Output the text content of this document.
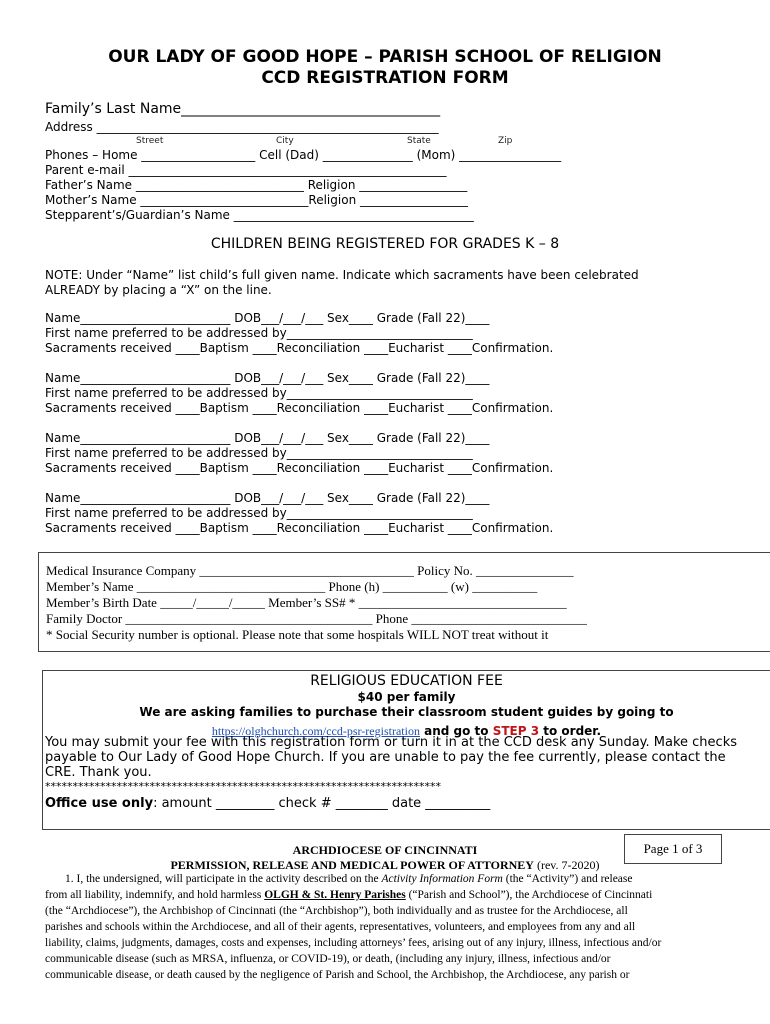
OUR LADY OF GOOD HOPE – PARISH SCHOOL OF RELIGION
CCD REGISTRATION FORM
Family’s Last Name_____________________________________
Address _________________________________________________________
Street	City	State	Zip
Phones – Home ___________________ Cell (Dad) _______________ (Mom) _________________
Parent e-mail _____________________________________________________
Father’s Name ____________________________ Religion __________________
Mother’s Name ____________________________Religion __________________
Stepparent’s/Guardian’s Name ________________________________________
CHILDREN BEING REGISTERED FOR GRADES K – 8
NOTE: Under “Name” list child’s full given name. Indicate which sacraments have been celebrated
ALREADY by placing a “X” on the line.
Name_________________________ DOB___/___/___ Sex____ Grade (Fall 22)____
First name preferred to be addressed by_______________________________
Sacraments received ____Baptism ____Reconciliation ____Eucharist ____Confirmation.
Name_________________________ DOB___/___/___ Sex____ Grade (Fall 22)____
First name preferred to be addressed by_______________________________
Sacraments received ____Baptism ____Reconciliation ____Eucharist ____Confirmation.
Name_________________________ DOB___/___/___ Sex____ Grade (Fall 22)____
First name preferred to be addressed by_______________________________
Sacraments received ____Baptism ____Reconciliation ____Eucharist ____Confirmation.
Name_________________________ DOB___/___/___ Sex____ Grade (Fall 22)____
First name preferred to be addressed by_______________________________
Sacraments received ____Baptism ____Reconciliation ____Eucharist ____Confirmation.
Medical Insurance Company _________________________________ Policy No. _______________
Member’s Name _____________________________ Phone (h) __________ (w) __________
Member’s Birth Date _____/_____/_____ Member’s SS# * ________________________________
Family Doctor ______________________________________ Phone ___________________________
* Social Security number is optional. Please note that some hospitals WILL NOT treat without it
RELIGIOUS EDUCATION FEE
$40 per family
We are asking families to purchase their classroom student guides by going to
https://olghchurch.com/ccd-psr-registration and go to STEP 3 to order.
You may submit your fee with this registration form or turn it in at the CCD desk any Sunday. Make checks
payable to Our Lady of Good Hope Church. If you are unable to pay the fee currently, please contact the
CRE. Thank you.
************************************************************************
Office use only: amount _________ check # ________ date __________
Page 1 of 3
ARCHDIOCESE OF CINCINNATI
PERMISSION, RELEASE AND MEDICAL POWER OF ATTORNEY (rev. 7-2020)
1. I, the undersigned, will participate in the activity described on the Activity Information Form (the “Activity”) and release
from all liability, indemnify, and hold harmless OLGH & St. Henry Parishes (“Parish and School”), the Archdiocese of Cincinnati
(the “Archdiocese”), the Archbishop of Cincinnati (the “Archbishop”), both individually and as trustee for the Archdiocese, all
parishes and schools within the Archdiocese, and all of their agents, representatives, volunteers, and employees from any and all
liability, claims, judgments, damages, costs and expenses, including attorneys’ fees, arising out of any injury, illness, infectious and/or
communicable disease (such as MRSA, influenza, or COVID-19), or death, (including any injury, illness, infectious and/or
communicable disease, or death caused by the negligence of Parish and School, the Archbishop, the Archdiocese, any parish or
